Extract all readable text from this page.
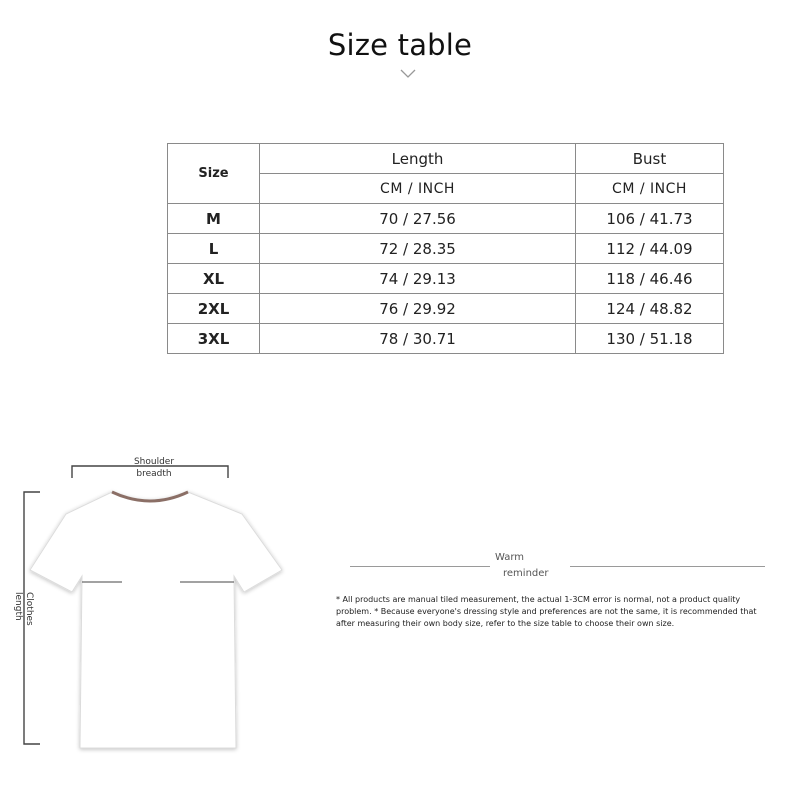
Size table
Size	Length	Bust
	CM / INCH	CM / INCH
M	70 / 27.56	106 / 41.73
L	72 / 28.35	112 / 44.09
XL	74 / 29.13	118 / 46.46
2XL	76 / 29.92	124 / 48.82
3XL	78 / 30.71	130 / 51.18
Shoulder
breadth
Clothes
length
Warm
reminder
* All products are manual tiled measurement, the actual 1-3CM error is normal, not a product quality problem. * Because everyone's dressing style and preferences are not the same, it is recommended that after measuring their own body size, refer to the size table to choose their own size.
